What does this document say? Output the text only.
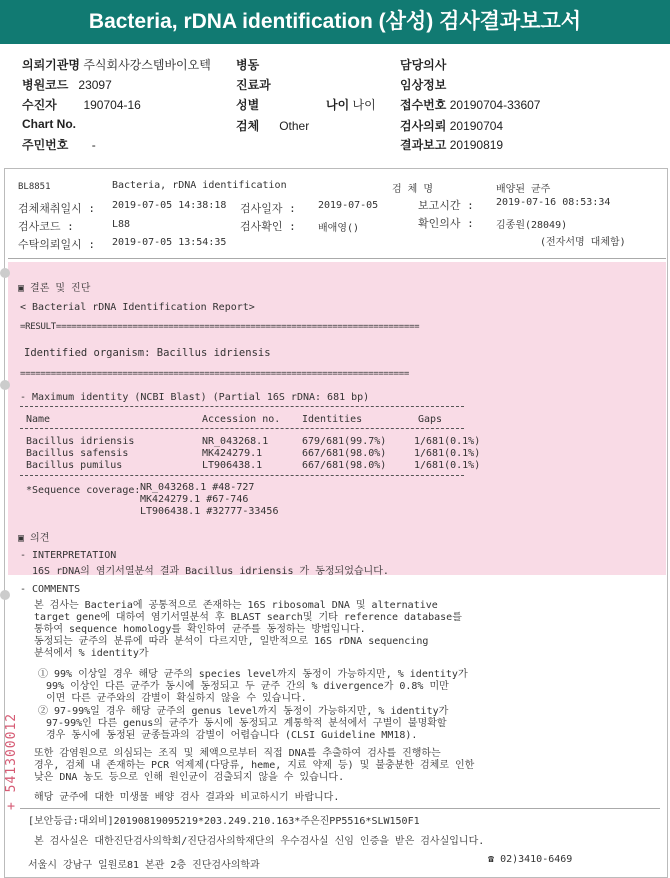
Bacteria, rDNA identification (삼성) 검사결과보고서
의뢰기관명 주식회사강스템바이오텍 병동	담당의사
병원코드 23097	진료과	임상정보
수진자 190704-16	성별	나이 나이 접수번호 20190704-33607
Chart No.	검체 Other	검사의뢰 20190704
주민번호 -	결과보고 20190819
BL8851	Bacteria, rDNA identification	검 체 명	배양된 균주
검체채취일시 : 2019-07-05 14:38:18 검사일자 : 2019-07-05	보고시간 : 2019-07-16 08:53:34
검사코드 :	L88	검사확인 : 배애영()	확인의사 : 김종원(28049)
수탁의뢰일시 : 2019-07-05 13:54:35	(전자서명 대체함)
▣ 결론 및 진단
< Bacterial rDNA Identification Report>
=RESULT=======================================================================
Identified organism: Bacillus idriensis
============================================================================
- Maximum identity (NCBI Blast) (Partial 16S rDNA: 681 bp)
Name	Accession no. Identities	Gaps
Bacillus idriensis	NR_043268.1	679/681(99.7%)	1/681(0.1%)
Bacillus safensis	MK424279.1	667/681(98.0%)	1/681(0.1%)
Bacillus pumilus	LT906438.1	667/681(98.0%)	1/681(0.1%)
*Sequence coverage: NR_043268.1 #48-727
MK424279.1 #67-746
LT906438.1 #32777-33456
▣ 의견
- INTERPRETATION
16S rDNA의 염기서열분석 결과 Bacillus idriensis 가 동정되었습니다.
- COMMENTS
본 검사는 Bacteria에 공통적으로 존재하는 16S ribosomal DNA 및 alternative
target gene에 대하여 염기서열분석 후 BLAST search및 기타 reference database를
통하여 sequence homology를 확인하여 균주를 동정하는 방법입니다.
동정되는 균주의 분류에 따라 분석이 다르지만, 일반적으로 16S rDNA sequencing
분석에서 % identity가
① 99% 이상일 경우 해당 균주의 species level까지 동정이 가능하지만, % identity가
99% 이상인 다른 균주가 동시에 동정되고 두 균주 간의 % divergence가 0.8% 미만
이면 다른 균주와의 감별이 확실하지 않을 수 있습니다.
② 97-99%일 경우 해당 균주의 genus level까지 동정이 가능하지만, % identity가
97-99%인 다른 genus의 균주가 동시에 동정되고 계통학적 분석에서 구별이 불명확할
경우 동시에 동정된 균종들과의 감별이 어렵습니다 (CLSI Guideline MM18).
또한 감염원으로 의심되는 조직 및 체액으로부터 직접 DNA를 추출하여 검사를 진행하는
경우, 검체 내 존재하는 PCR 억제제(다당류, heme, 지료 약제 등) 및 불충분한 검체로 인한
낮은 DNA 농도 등으로 인해 원인균이 검출되지 않을 수 있습니다.
해당 균주에 대한 미생물 배양 검사 결과와 비교하시기 바랍니다.
+ 541300012
[보안등급:대외비]20190819095219*203.249.210.163*주은진PP5516*SLW150F1
본 검사실은 대한진단검사의학회/진단검사의학재단의 우수검사실 신임 인증을 받은 검사실입니다.
서울시 강남구 일원로81 본관 2층 진단검사의학과
☎ 02)3410-6469
